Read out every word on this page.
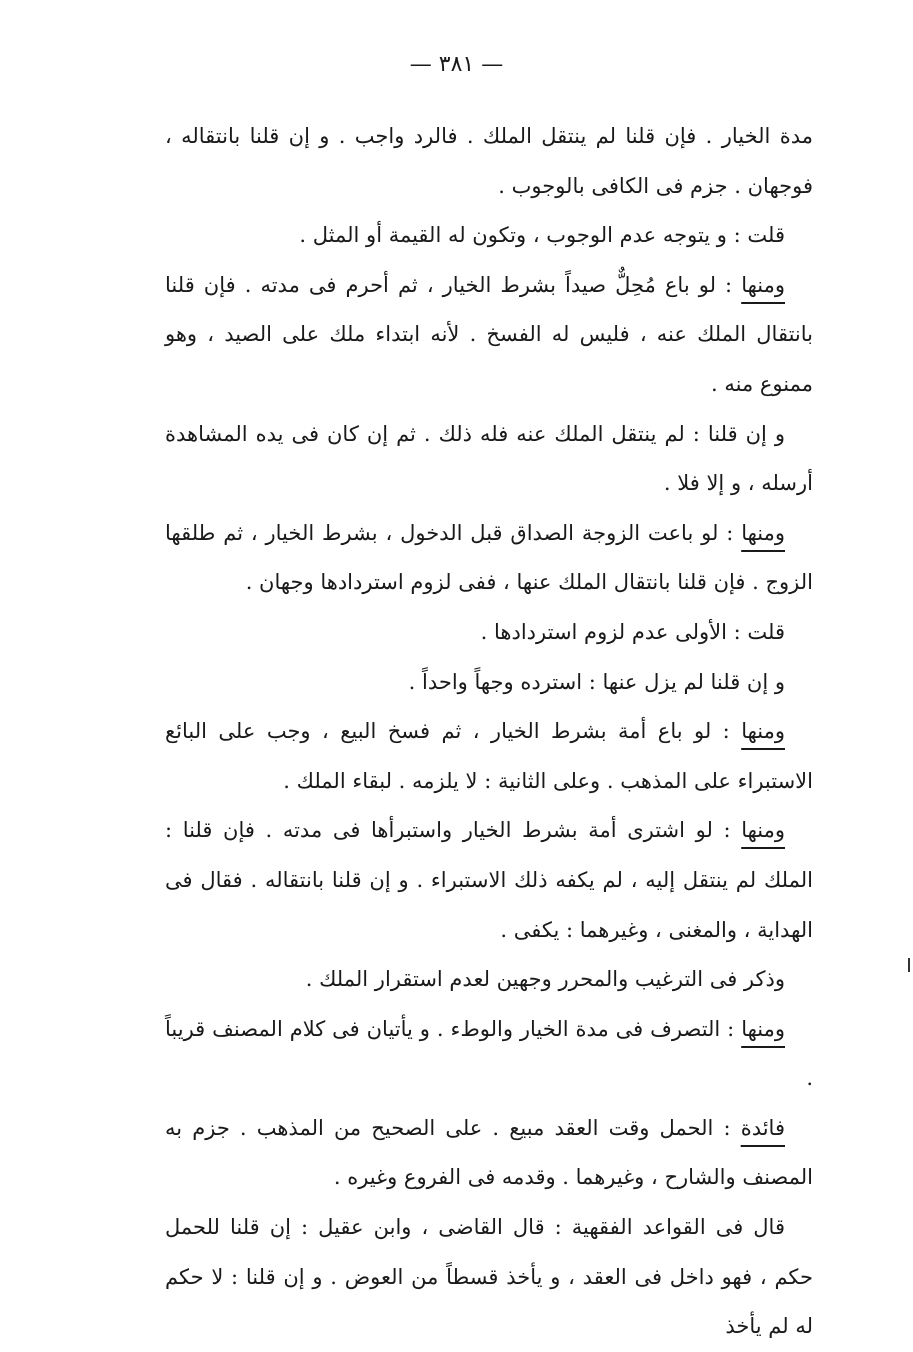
— ٣٨١ —

مدة الخيار . فإن قلنا لم ينتقل الملك . فالرد واجب . و إن قلنا بانتقاله ، فوجهان . جزم فى الكافى بالوجوب .

قلت : و يتوجه عدم الوجوب ، وتكون له القيمة أو المثل .

ومنها : لو باع مُحِلٌّ صيداً بشرط الخيار ، ثم أحرم فى مدته . فإن قلنا بانتقال الملك عنه ، فليس له الفسخ . لأنه ابتداء ملك على الصيد ، وهو ممنوع منه .

و إن قلنا : لم ينتقل الملك عنه فله ذلك . ثم إن كان فى يده المشاهدة أرسله ، و إلا فلا .

ومنها : لو باعت الزوجة الصداق قبل الدخول ، بشرط الخيار ، ثم طلقها الزوج . فإن قلنا بانتقال الملك عنها ، ففى لزوم استردادها وجهان .

قلت : الأولى عدم لزوم استردادها .

و إن قلنا لم يزل عنها : استرده وجهاً واحداً .

ومنها : لو باع أمة بشرط الخيار ، ثم فسخ البيع ، وجب على البائع الاستبراء على المذهب . وعلى الثانية : لا يلزمه . لبقاء الملك .

ومنها : لو اشترى أمة بشرط الخيار واستبرأها فى مدته . فإن قلنا : الملك لم ينتقل إليه ، لم يكفه ذلك الاستبراء . و إن قلنا بانتقاله . فقال فى الهداية ، والمغنى ، وغيرهما : يكفى .

وذكر فى الترغيب والمحرر وجهين لعدم استقرار الملك .

ومنها : التصرف فى مدة الخيار والوطء . و يأتيان فى كلام المصنف قريباً .

فائدة : الحمل وقت العقد مبيع . على الصحيح من المذهب . جزم به المصنف والشارح ، وغيرهما . وقدمه فى الفروع وغيره .

قال فى القواعد الفقهية : قال القاضى ، وابن عقيل : إن قلنا للحمل حكم ، فهو داخل فى العقد ، و يأخذ قسطاً من العوض . و إن قلنا : لا حكم له لم يأخذ
